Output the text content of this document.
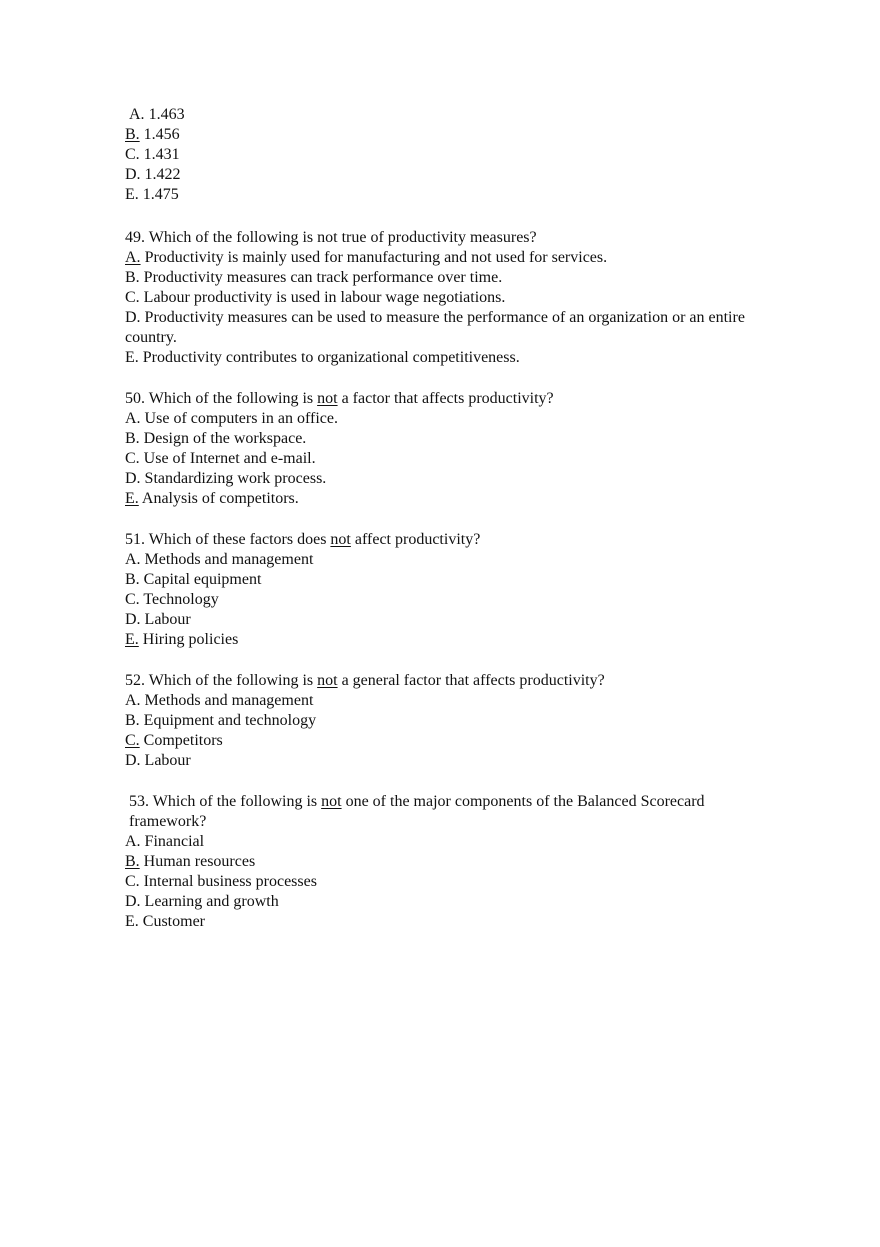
A. 1.463

B. 1.456

C. 1.431

D. 1.422

E. 1.475

49. Which of the following is not true of productivity measures?

A. Productivity is mainly used for manufacturing and not used for services.

B. Productivity measures can track performance over time.

C. Labour productivity is used in labour wage negotiations.

D. Productivity measures can be used to measure the performance of an organization or an entire country.

E. Productivity contributes to organizational competitiveness.

50. Which of the following is not a factor that affects productivity?

A. Use of computers in an office.

B. Design of the workspace.

C. Use of Internet and e-mail.

D. Standardizing work process.

E. Analysis of competitors.

51. Which of these factors does not affect productivity?

A. Methods and management

B. Capital equipment

C. Technology

D. Labour

E. Hiring policies

52. Which of the following is not a general factor that affects productivity?

A. Methods and management

B. Equipment and technology

C. Competitors

D. Labour

53. Which of the following is not one of the major components of the Balanced Scorecard framework?

A. Financial

B. Human resources

C. Internal business processes

D. Learning and growth

E. Customer
